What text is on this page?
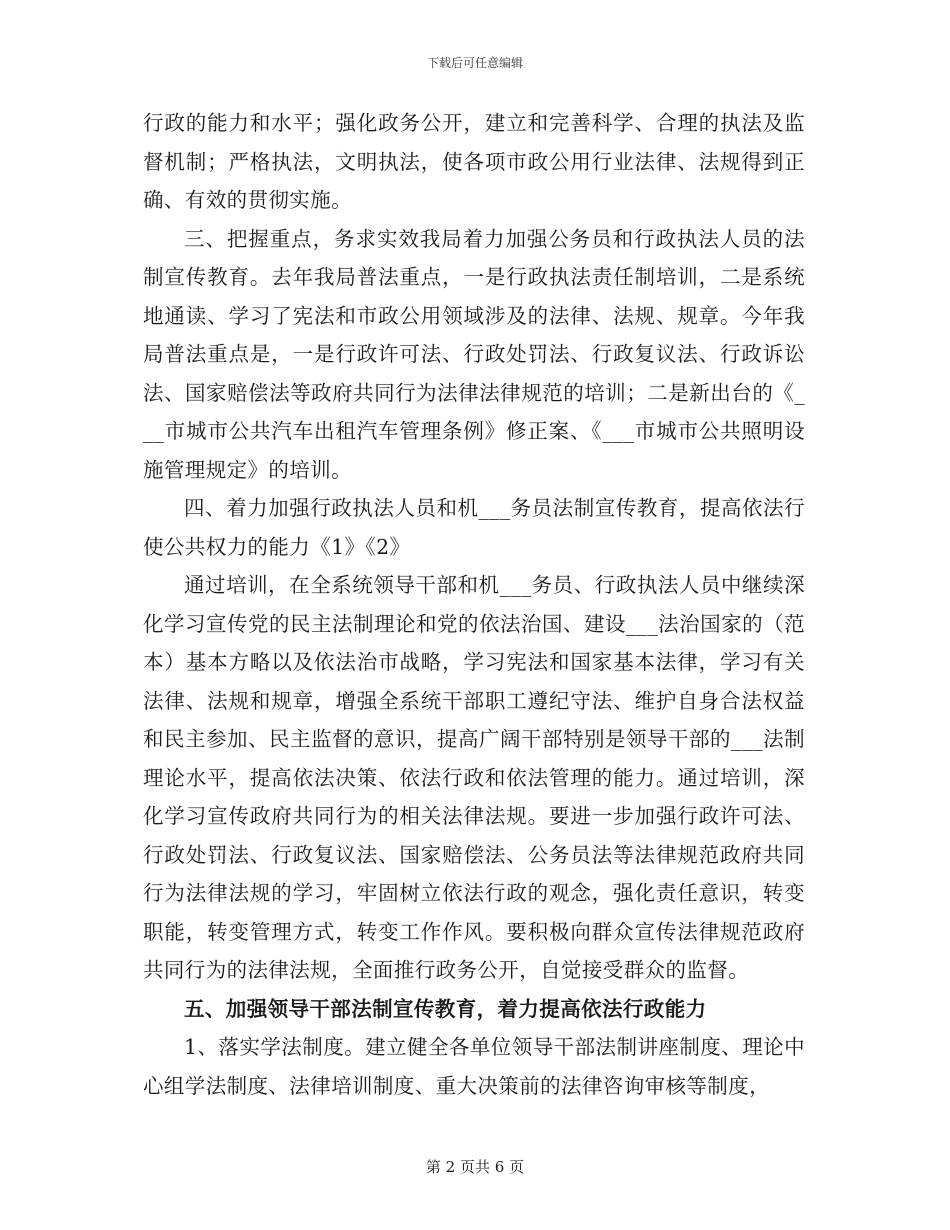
下载后可任意编辑

行政的能力和水平；强化政务公开，建立和完善科学、合理的执法及监督机制；严格执法，文明执法，使各项市政公用行业法律、法规得到正确、有效的贯彻实施。

三、把握重点，务求实效我局着力加强公务员和行政执法人员的法制宣传教育。去年我局普法重点，一是行政执法责任制培训，二是系统地通读、学习了宪法和市政公用领域涉及的法律、法规、规章。今年我局普法重点是，一是行政许可法、行政处罚法、行政复议法、行政诉讼法、国家赔偿法等政府共同行为法律法律规范的培训；二是新出台的《___市城市公共汽车出租汽车管理条例》修正案、《___市城市公共照明设施管理规定》的培训。

四、着力加强行政执法人员和机___务员法制宣传教育，提高依法行使公共权力的能力《1》《2》

通过培训，在全系统领导干部和机___务员、行政执法人员中继续深化学习宣传党的民主法制理论和党的依法治国、建设___法治国家的（范本）基本方略以及依法治市战略，学习宪法和国家基本法律，学习有关法律、法规和规章，增强全系统干部职工遵纪守法、维护自身合法权益和民主参加、民主监督的意识，提高广阔干部特别是领导干部的___法制理论水平，提高依法决策、依法行政和依法管理的能力。通过培训，深化学习宣传政府共同行为的相关法律法规。要进一步加强行政许可法、行政处罚法、行政复议法、国家赔偿法、公务员法等法律规范政府共同行为法律法规的学习，牢固树立依法行政的观念，强化责任意识，转变职能，转变管理方式，转变工作作风。要积极向群众宣传法律规范政府共同行为的法律法规，全面推行政务公开，自觉接受群众的监督。

五、加强领导干部法制宣传教育，着力提高依法行政能力

1、落实学法制度。建立健全各单位领导干部法制讲座制度、理论中心组学法制度、法律培训制度、重大决策前的法律咨询审核等制度，

第 2 页共 6 页
